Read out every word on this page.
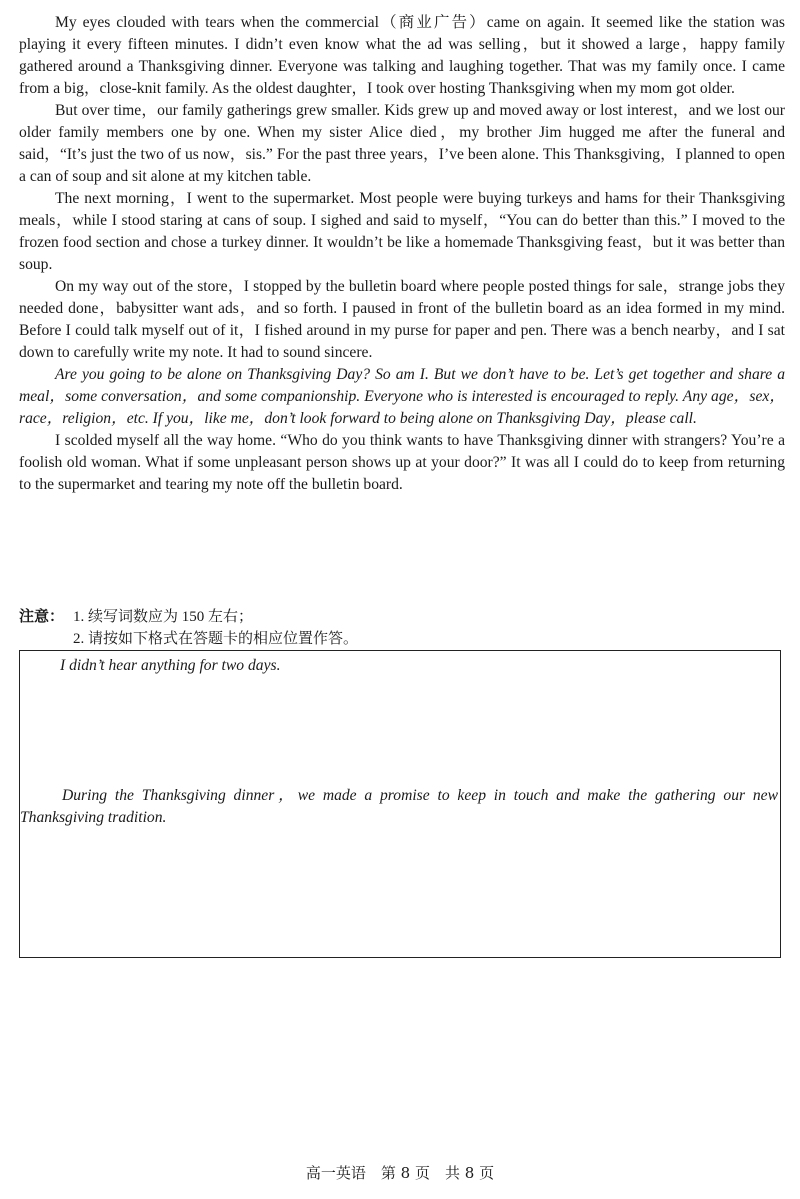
My eyes clouded with tears when the commercial（商业广告）came on again. It seemed like the station was playing it every fifteen minutes. I didn’t even know what the ad was selling，but it showed a large，happy family gathered around a Thanksgiving dinner. Everyone was talking and laughing together. That was my family once. I came from a big，close-knit family. As the oldest daughter，I took over hosting Thanksgiving when my mom got older.

But over time，our family gatherings grew smaller. Kids grew up and moved away or lost interest，and we lost our older family members one by one. When my sister Alice died，my brother Jim hugged me after the funeral and said，“It’s just the two of us now，sis.” For the past three years，I’ve been alone. This Thanksgiving，I planned to open a can of soup and sit alone at my kitchen table.

The next morning，I went to the supermarket. Most people were buying turkeys and hams for their Thanksgiving meals，while I stood staring at cans of soup. I sighed and said to myself，“You can do better than this.” I moved to the frozen food section and chose a turkey dinner. It wouldn’t be like a homemade Thanksgiving feast，but it was better than soup.

On my way out of the store，I stopped by the bulletin board where people posted things for sale，strange jobs they needed done，babysitter want ads，and so forth. I paused in front of the bulletin board as an idea formed in my mind. Before I could talk myself out of it，I fished around in my purse for paper and pen. There was a bench nearby，and I sat down to carefully write my note. It had to sound sincere.

Are you going to be alone on Thanksgiving Day? So am I. But we don’t have to be. Let’s get together and share a meal，some conversation，and some companionship. Everyone who is interested is encouraged to reply. Any age，sex，race，religion，etc. If you，like me，don’t look forward to being alone on Thanksgiving Day，please call.

I scolded myself all the way home. “Who do you think wants to have Thanksgiving dinner with strangers? You’re a foolish old woman. What if some unpleasant person shows up at your door?” It was all I could do to keep from returning to the supermarket and tearing my note off the bulletin board.

注意： 1. 续写词数应为 150 左右；
2. 请按如下格式在答题卡的相应位置作答。
I didn’t hear anything for two days.
During the Thanksgiving dinner，we made a promise to keep in touch and make the gathering our new Thanksgiving tradition.
高一英语　第 8 页　共 8 页
